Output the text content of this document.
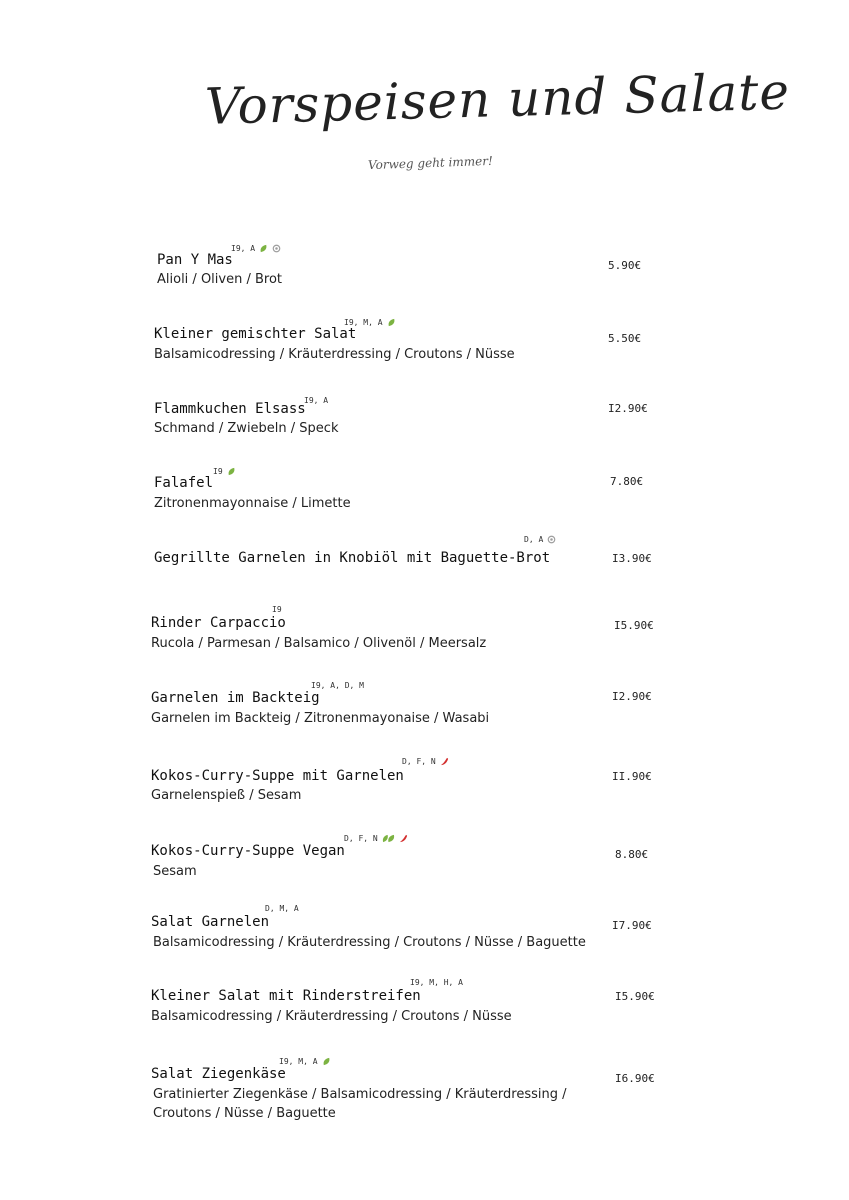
Vorspeisen und Salate
Vorweg geht immer!
Pan Y Mas
I9, A
Alioli / Oliven / Brot
5.90€
Kleiner gemischter Salat
I9, M, A
Balsamicodressing / Kräuterdressing / Croutons / Nüsse
5.50€
Flammkuchen Elsass
I9, A
Schmand / Zwiebeln / Speck
I2.90€
Falafel
I9
Zitronenmayonnaise / Limette
7.80€
Gegrillte Garnelen in Knobiöl mit Baguette-Brot
D, A
I3.90€
Rinder Carpaccio
I9
Rucola / Parmesan / Balsamico / Olivenöl / Meersalz
I5.90€
Garnelen im Backteig
I9, A, D, M
Garnelen im Backteig / Zitronenmayonaise / Wasabi
I2.90€
Kokos-Curry-Suppe mit Garnelen
D, F, N
Garnelenspieß / Sesam
II.90€
Kokos-Curry-Suppe Vegan
D, F, N
Sesam
8.80€
Salat Garnelen
D, M, A
Balsamicodressing / Kräuterdressing / Croutons / Nüsse / Baguette
I7.90€
Kleiner Salat mit Rinderstreifen
I9, M, H, A
Balsamicodressing / Kräuterdressing / Croutons / Nüsse
I5.90€
Salat Ziegenkäse
I9, M, A
Gratinierter Ziegenkäse / Balsamicodressing / Kräuterdressing /
Croutons / Nüsse / Baguette
I6.90€
